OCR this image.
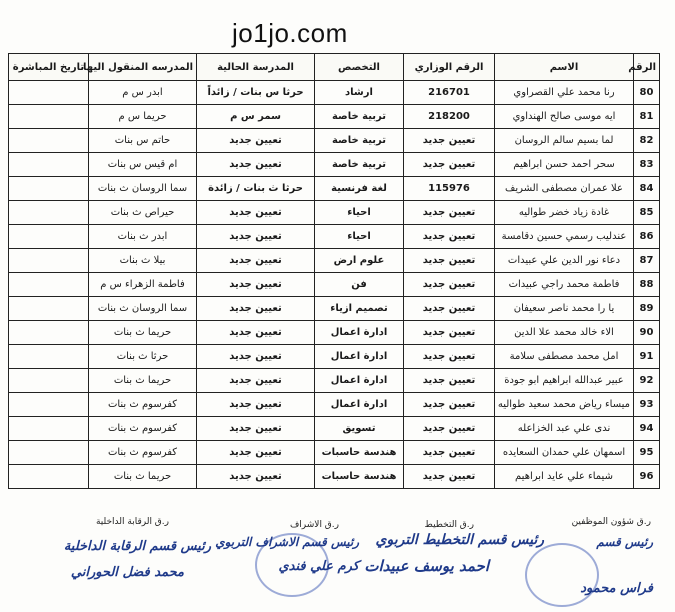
jo1jo.com
الرقم	الاسم	الرقم الوزاري	التخصص	المدرسة الحالية	المدرسه المنقول اليها	تاريخ المباشرة
80	رنا محمد علي القصراوي	216701	ارشاد	حرثا س بنات / زائداً	ابدر س م	
81	ايه موسى صالح الهنداوي	218200	تربية خاصة	سمر س م	حريما س م	
82	لما بسيم سالم الروسان	تعيين جديد	تربية خاصة	تعيين جديد	حاتم س بنات	
83	سحر احمد حسن ابراهيم	تعيين جديد	تربية خاصة	تعيين جديد	ام قيس س بنات	
84	علا عمران مصطفى الشريف	115976	لغة فرنسية	حرثا ث بنات / زائدة	سما الروسان ث بنات	
85	غادة زياد خضر طواليه	تعيين جديد	احياء	تعيين جديد	حيراص ث بنات	
86	عندليب رسمي حسين دقامسة	تعيين جديد	احياء	تعيين جديد	ابدر ث بنات	
87	دعاء نور الدين علي عبيدات	تعيين جديد	علوم ارض	تعيين جديد	بيلا ث بنات	
88	فاطمة محمد راجي عبيدات	تعيين جديد	فن	تعيين جديد	فاطمة الزهراء س م	
89	يا را محمد ناصر سعيفان	تعيين جديد	تصميم ازياء	تعيين جديد	سما الروسان ث بنات	
90	الاء خالد محمد علا الدين	تعيين جديد	ادارة اعمال	تعيين جديد	حريما ث بنات	
91	امل محمد مصطفى سلامة	تعيين جديد	ادارة اعمال	تعيين جديد	حرثا ث بنات	
92	عبير عبدالله ابراهيم ابو جودة	تعيين جديد	ادارة اعمال	تعيين جديد	حريما ث بنات	
93	ميساء رياض محمد سعيد طواليه	تعيين جديد	ادارة اعمال	تعيين جديد	كفرسوم ث بنات	
94	ندى علي عبد الخزاعله	تعيين جديد	تسويق	تعيين جديد	كفرسوم ث بنات	
95	اسمهان علي حمدان السعايده	تعيين جديد	هندسة حاسبات	تعيين جديد	كفرسوم ث بنات	
96	شيماء علي عايد ابراهيم	تعيين جديد	هندسة حاسبات	تعيين جديد	حريما ث بنات	
ر.ق شؤون الموظفين
ر.ق التخطيط
ر.ق الاشراف
ر.ق الرقابة الداخلية
رئيس قسم
فراس محمود
رئيس قسم التخطيط التربوي
احمد يوسف عبيدات
رئيس قسم الاشراف التربوي
كرم علي فندي
رئيس قسم الرقابة الداخلية
محمد فضل الحوراني
